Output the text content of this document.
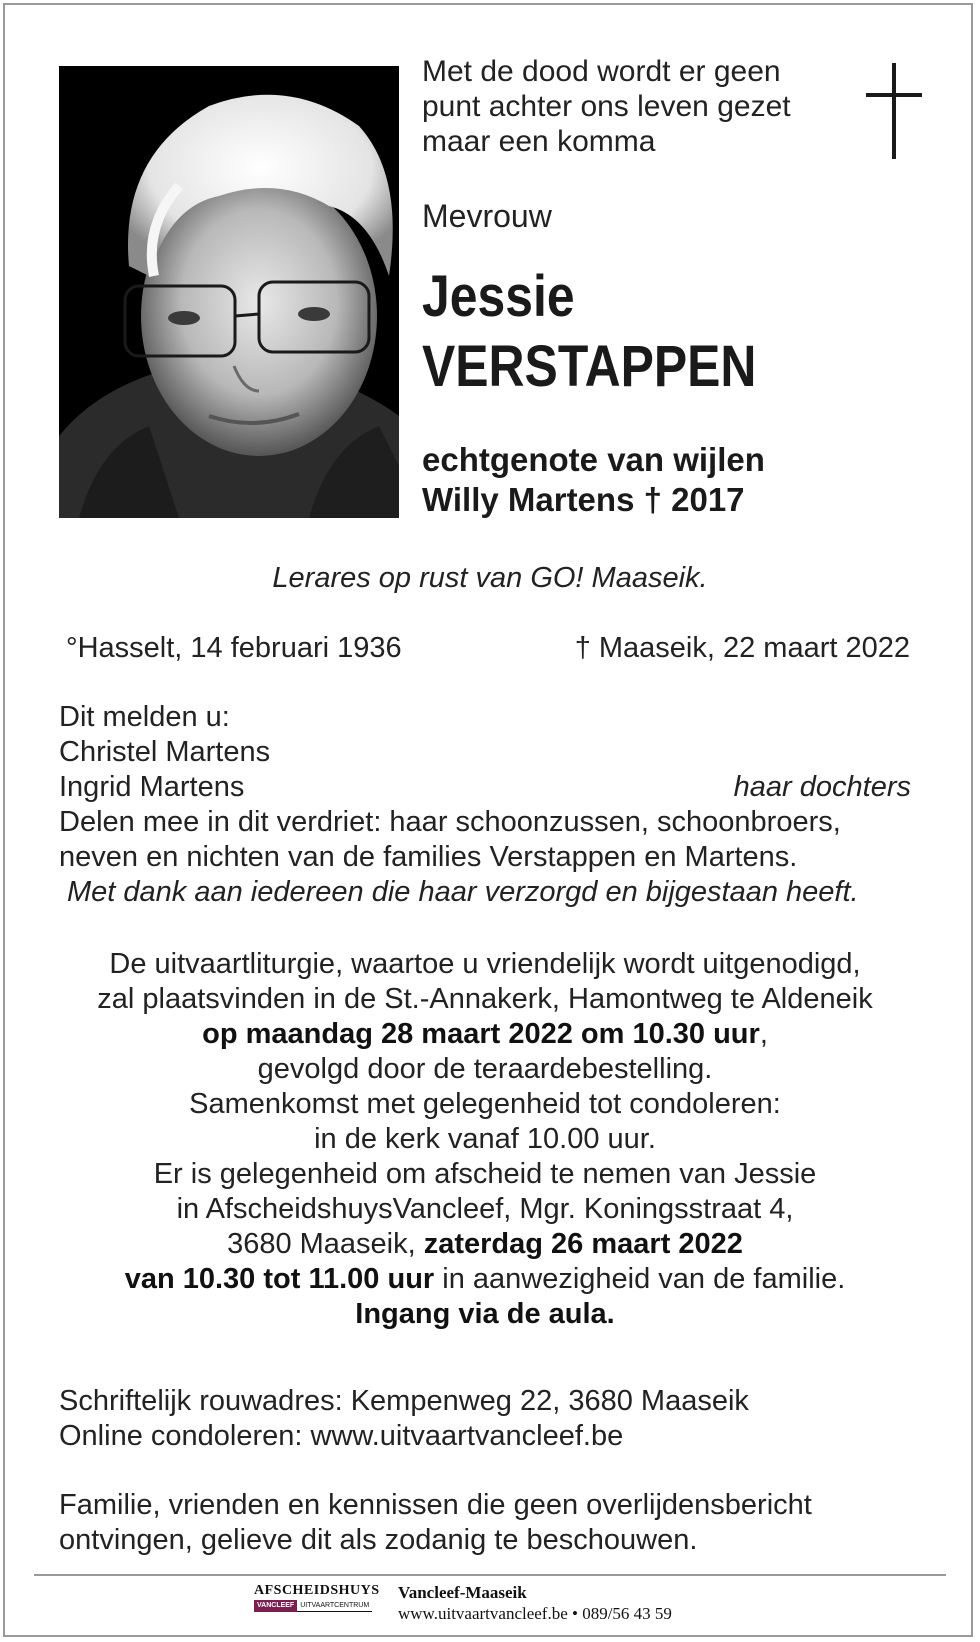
Met de dood wordt er geen
punt achter ons leven gezet
maar een komma
Mevrouw
Jessie
VERSTAPPEN
echtgenote van wijlen
Willy Martens † 2017
Lerares op rust van GO! Maaseik.
°Hasselt, 14 februari 1936	† Maaseik, 22 maart 2022
Dit melden u:
Christel Martens
Ingrid Martens	haar dochters
Delen mee in dit verdriet: haar schoonzussen, schoonbroers,
neven en nichten van de families Verstappen en Martens.
Met dank aan iedereen die haar verzorgd en bijgestaan heeft.
De uitvaartliturgie, waartoe u vriendelijk wordt uitgenodigd,
zal plaatsvinden in de St.-Annakerk, Hamontweg te Aldeneik
op maandag 28 maart 2022 om 10.30 uur,
gevolgd door de teraardebestelling.
Samenkomst met gelegenheid tot condoleren:
in de kerk vanaf 10.00 uur.
Er is gelegenheid om afscheid te nemen van Jessie
in AfscheidshuysVancleef, Mgr. Koningsstraat 4,
3680 Maaseik, zaterdag 26 maart 2022
van 10.30 tot 11.00 uur in aanwezigheid van de familie.
Ingang via de aula.
Schriftelijk rouwadres: Kempenweg 22, 3680 Maaseik
Online condoleren: www.uitvaartvancleef.be
Familie, vrienden en kennissen die geen overlijdensbericht
ontvingen, gelieve dit als zodanig te beschouwen.
AFSCHEIDSHUYS
VANCLEEF UITVAARTCENTRUM
Vancleef-Maaseik
www.uitvaartvancleef.be • 089/56 43 59
